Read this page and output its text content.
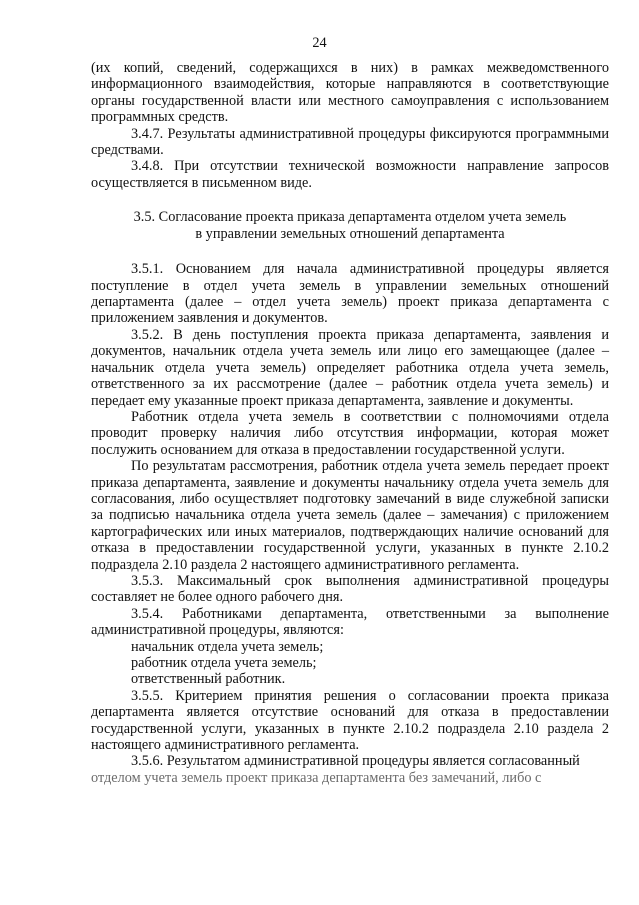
24

(их копий, сведений, содержащихся в них) в рамках межведомственного информационного взаимодействия, которые направляются в соответствующие органы государственной власти или местного самоуправления с использованием программных средств.

3.4.7. Результаты административной процедуры фиксируются программными средствами.

3.4.8. При отсутствии технической возможности направление запросов осуществляется в письменном виде.

3.5. Согласование проекта приказа департамента отделом учета земель
в управлении земельных отношений департамента

3.5.1. Основанием для начала административной процедуры является поступление в отдел учета земель в управлении земельных отношений департамента (далее – отдел учета земель) проект приказа департамента с приложением заявления и документов.

3.5.2. В день поступления проекта приказа департамента, заявления и документов, начальник отдела учета земель или лицо его замещающее (далее – начальник отдела учета земель) определяет работника отдела учета земель, ответственного за их рассмотрение (далее – работник отдела учета земель) и передает ему указанные проект приказа департамента, заявление и документы.

Работник отдела учета земель в соответствии с полномочиями отдела проводит проверку наличия либо отсутствия информации, которая может послужить основанием для отказа в предоставлении государственной услуги.

По результатам рассмотрения, работник отдела учета земель передает проект приказа департамента, заявление и документы начальнику отдела учета земель для согласования, либо осуществляет подготовку замечаний в виде служебной записки за подписью начальника отдела учета земель (далее – замечания) с приложением картографических или иных материалов, подтверждающих наличие оснований для отказа в предоставлении государственной услуги, указанных в пункте 2.10.2 подраздела 2.10 раздела 2 настоящего административного регламента.

3.5.3. Максимальный срок выполнения административной процедуры составляет не более одного рабочего дня.

3.5.4. Работниками департамента, ответственными за выполнение административной процедуры, являются:

начальник отдела учета земель;

работник отдела учета земель;

ответственный работник.

3.5.5. Критерием принятия решения о согласовании проекта приказа департамента является отсутствие оснований для отказа в предоставлении государственной услуги, указанных в пункте 2.10.2 подраздела 2.10 раздела 2 настоящего административного регламента.

3.5.6. Результатом административной процедуры является согласованный

отделом учета земель проект приказа департамента без замечаний, либо с
